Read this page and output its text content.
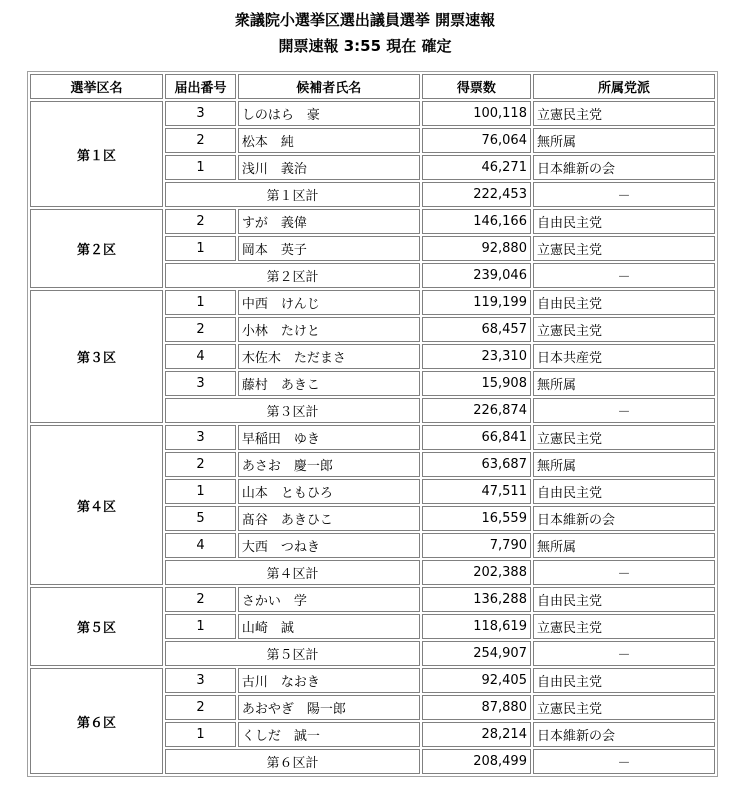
衆議院小選挙区選出議員選挙 開票速報
開票速報 3:55 現在 確定
選挙区名	届出番号	候補者氏名	得票数	所属党派
第１区	3	しのはら　豪	100,118	立憲民主党
	2	松本　純	76,064	無所属
	1	浅川　義治	46,271	日本維新の会
	第１区計		222,453	－
第２区	2	すが　義偉	146,166	自由民主党
	1	岡本　英子	92,880	立憲民主党
	第２区計		239,046	－
第３区	1	中西　けんじ	119,199	自由民主党
	2	小林　たけと	68,457	立憲民主党
	4	木佐木　ただまさ	23,310	日本共産党
	3	藤村　あきこ	15,908	無所属
	第３区計		226,874	－
第４区	3	早稲田　ゆき	66,841	立憲民主党
	2	あさお　慶一郎	63,687	無所属
	1	山本　ともひろ	47,511	自由民主党
	5	髙谷　あきひこ	16,559	日本維新の会
	4	大西　つねき	7,790	無所属
	第４区計		202,388	－
第５区	2	さかい　学	136,288	自由民主党
	1	山崎　誠	118,619	立憲民主党
	第５区計		254,907	－
第６区	3	古川　なおき	92,405	自由民主党
	2	あおやぎ　陽一郎	87,880	立憲民主党
	1	くしだ　誠一	28,214	日本維新の会
	第６区計		208,499	－
